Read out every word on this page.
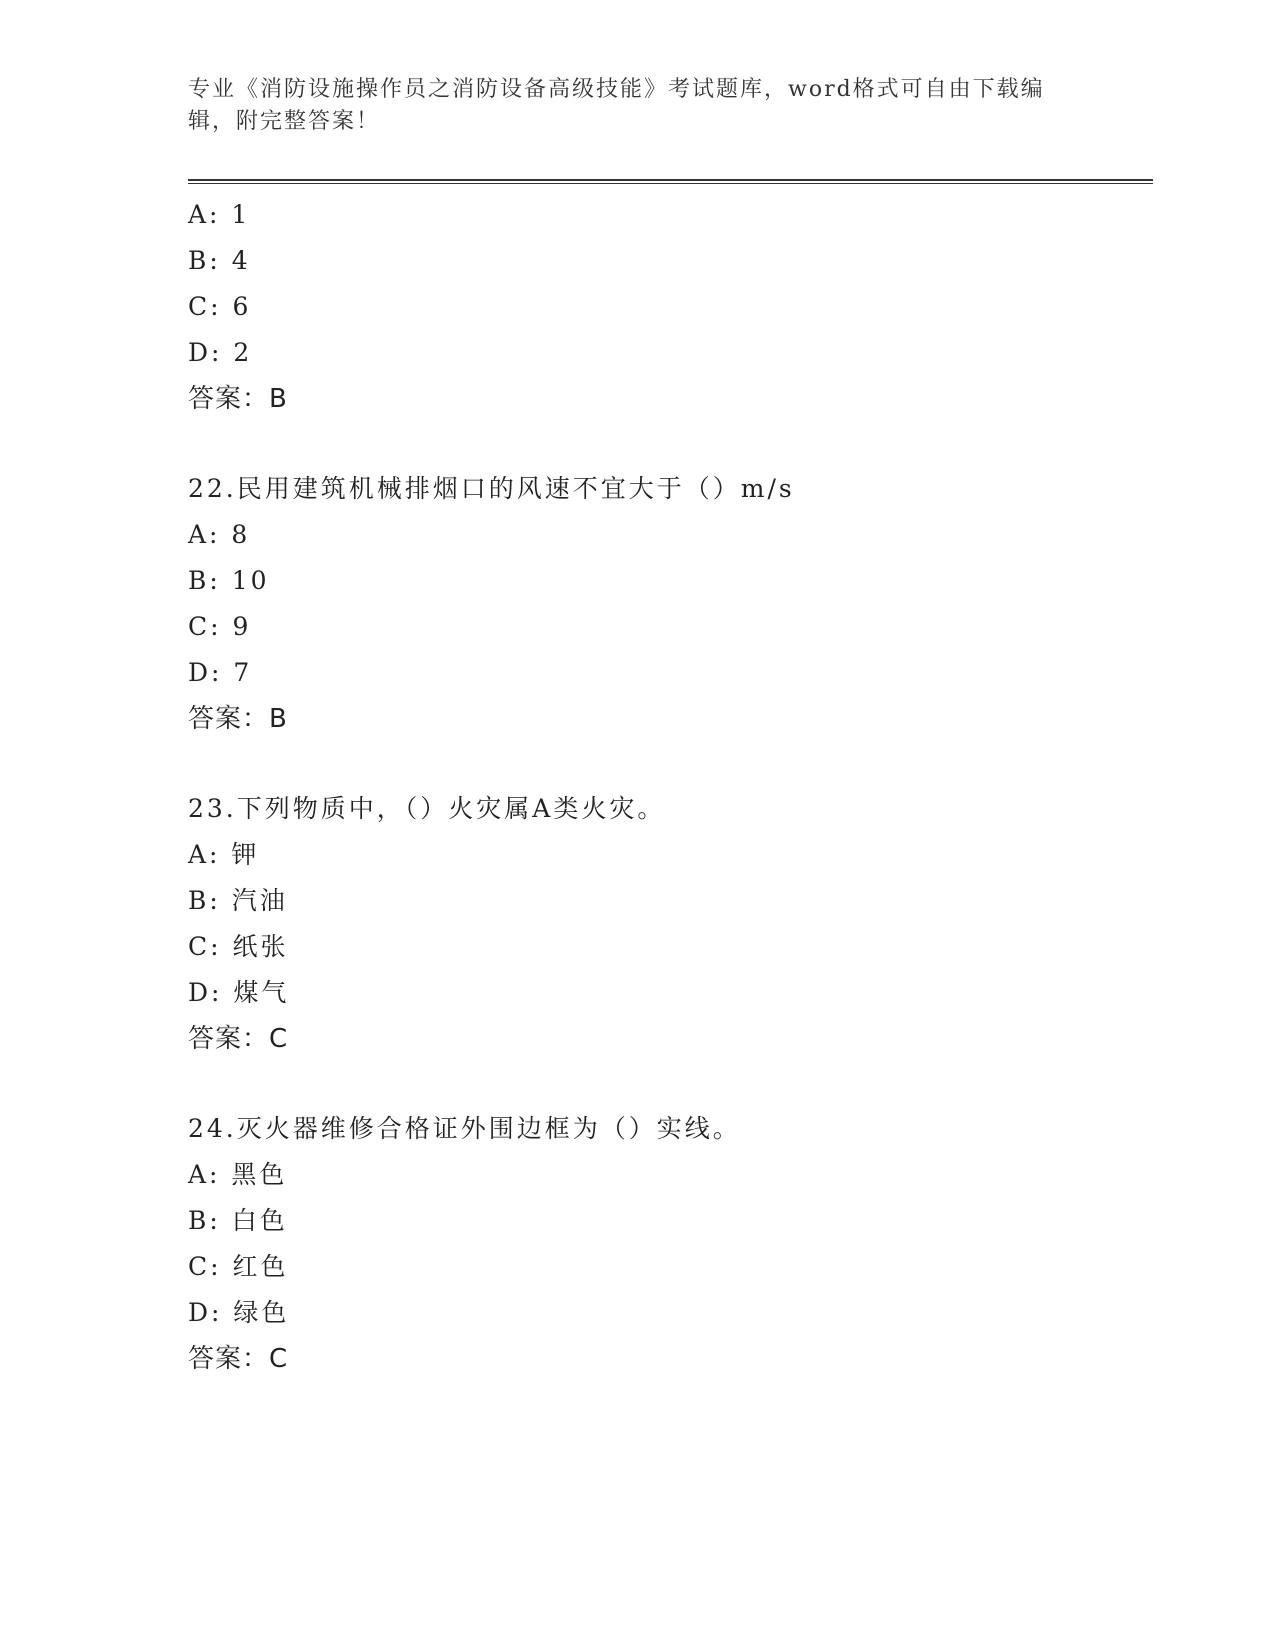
专业《消防设施操作员之消防设备高级技能》考试题库，word格式可自由下载编
辑，附完整答案！
A: 1
B: 4
C: 6
D: 2
答案：B
22.民用建筑机械排烟口的风速不宜大于（）m/s
A: 8
B: 10
C: 9
D: 7
答案：B
23.下列物质中，（）火灾属A类火灾。
A: 钾
B: 汽油
C: 纸张
D: 煤气
答案：C
24.灭火器维修合格证外围边框为（）实线。
A: 黑色
B: 白色
C: 红色
D: 绿色
答案：C
